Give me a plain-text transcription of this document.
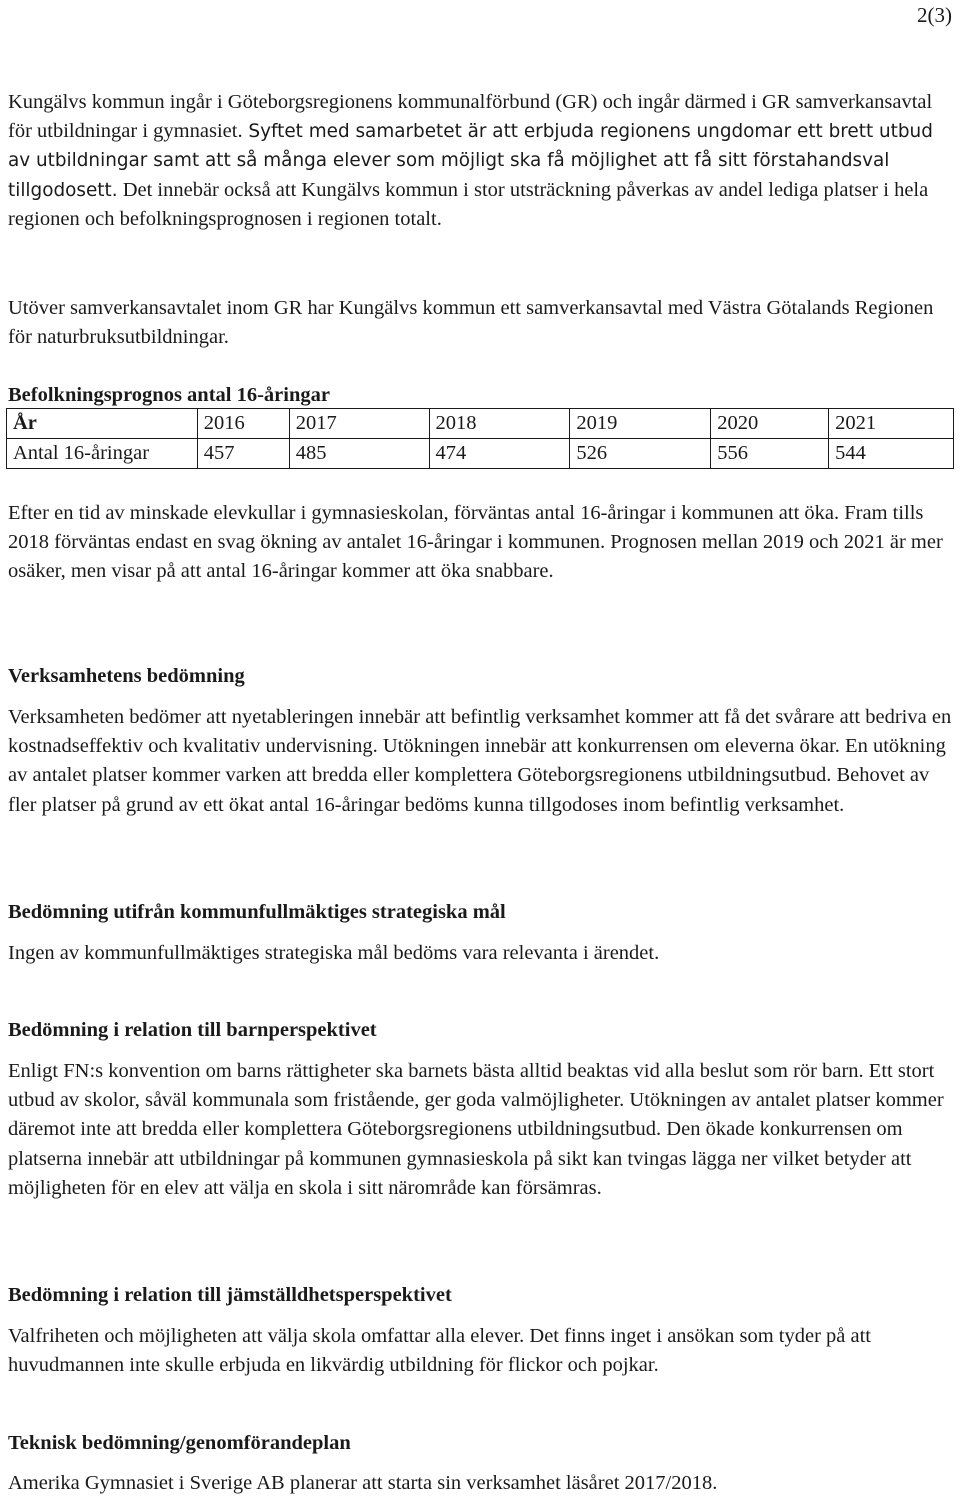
2(3)

Kungälvs kommun ingår i Göteborgsregionens kommunalförbund (GR) och ingår därmed i GR samverkansavtal för utbildningar i gymnasiet. Syftet med samarbetet är att erbjuda regionens ungdomar ett brett utbud av utbildningar samt att så många elever som möjligt ska få möjlighet att få sitt förstahandsval tillgodosett. Det innebär också att Kungälvs kommun i stor utsträckning påverkas av andel lediga platser i hela regionen och befolkningsprognosen i regionen totalt.

Utöver samverkansavtalet inom GR har Kungälvs kommun ett samverkansavtal med Västra Götalands Regionen för naturbruksutbildningar.

Befolkningsprognos antal 16-åringar
År	2016	2017	2018	2019	2020	2021
Antal 16-åringar	457	485	474	526	556	544

Efter en tid av minskade elevkullar i gymnasieskolan, förväntas antal 16-åringar i kommunen att öka. Fram tills 2018 förväntas endast en svag ökning av antalet 16-åringar i kommunen. Prognosen mellan 2019 och 2021 är mer osäker, men visar på att antal 16-åringar kommer att öka snabbare.

Verksamhetens bedömning

Verksamheten bedömer att nyetableringen innebär att befintlig verksamhet kommer att få det svårare att bedriva en kostnadseffektiv och kvalitativ undervisning. Utökningen innebär att konkurrensen om eleverna ökar. En utökning av antalet platser kommer varken att bredda eller komplettera Göteborgsregionens utbildningsutbud. Behovet av fler platser på grund av ett ökat antal 16-åringar bedöms kunna tillgodoses inom befintlig verksamhet.

Bedömning utifrån kommunfullmäktiges strategiska mål

Ingen av kommunfullmäktiges strategiska mål bedöms vara relevanta i ärendet.

Bedömning i relation till barnperspektivet

Enligt FN:s konvention om barns rättigheter ska barnets bästa alltid beaktas vid alla beslut som rör barn. Ett stort utbud av skolor, såväl kommunala som fristående, ger goda valmöjligheter. Utökningen av antalet platser kommer däremot inte att bredda eller komplettera Göteborgsregionens utbildningsutbud. Den ökade konkurrensen om platserna innebär att utbildningar på kommunen gymnasieskola på sikt kan tvingas lägga ner vilket betyder att möjligheten för en elev att välja en skola i sitt närområde kan försämras.

Bedömning i relation till jämställdhetsperspektivet

Valfriheten och möjligheten att välja skola omfattar alla elever. Det finns inget i ansökan som tyder på att huvudmannen inte skulle erbjuda en likvärdig utbildning för flickor och pojkar.

Teknisk bedömning/genomförandeplan

Amerika Gymnasiet i Sverige AB planerar att starta sin verksamhet läsåret 2017/2018.
